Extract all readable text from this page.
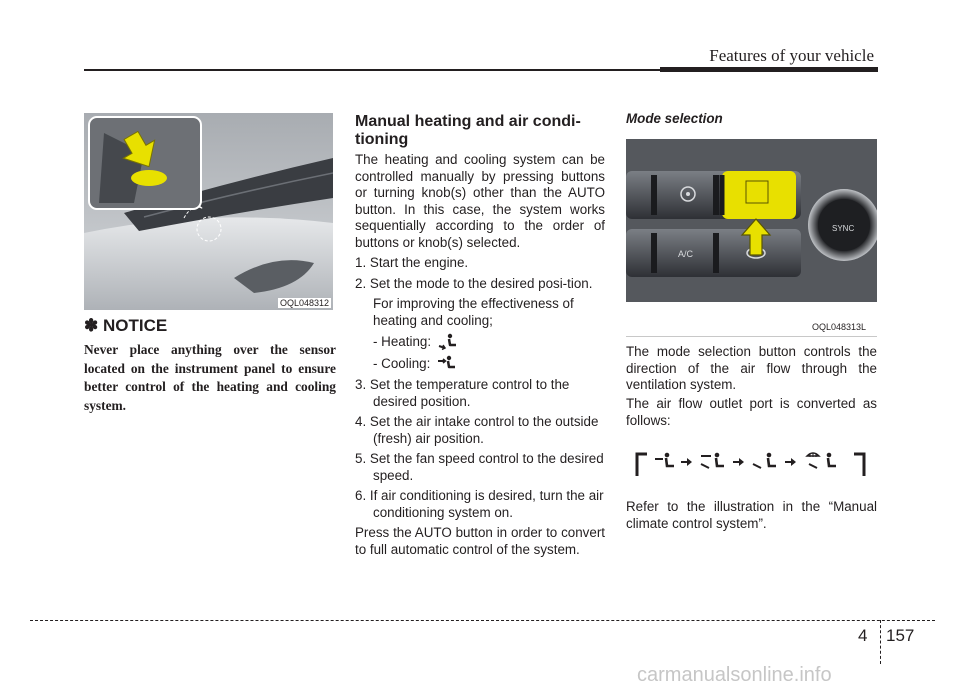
Features of your vehicle
OQL048312
✽ NOTICE
Never place anything over the sensor located on the instrument panel to ensure better control of the heating and cooling system.
Manual heating and air condi-tioning

The heating and cooling system can be controlled manually by pressing buttons or turning knob(s) other than the AUTO button. In this case, the system works sequentially according to the order of buttons or knob(s) selected.

1. Start the engine.

2. Set the mode to the desired posi-tion.

For improving the effectiveness of heating and cooling;

- Heating:
- Cooling:

3. Set the temperature control to the desired position.

4. Set the air intake control to the outside (fresh) air position.

5. Set the fan speed control to the desired speed.

6. If air conditioning is desired, turn the air conditioning system on.

Press the AUTO button in order to convert to full automatic control of the system.

Mode selection
A/C
SYNC
OQL048313L
The mode selection button controls the direction of the air flow through the ventilation system.
The air flow outlet port is converted as follows:
Refer to the illustration in the “Manual climate control system”.
4 157
carmanualsonline.info
